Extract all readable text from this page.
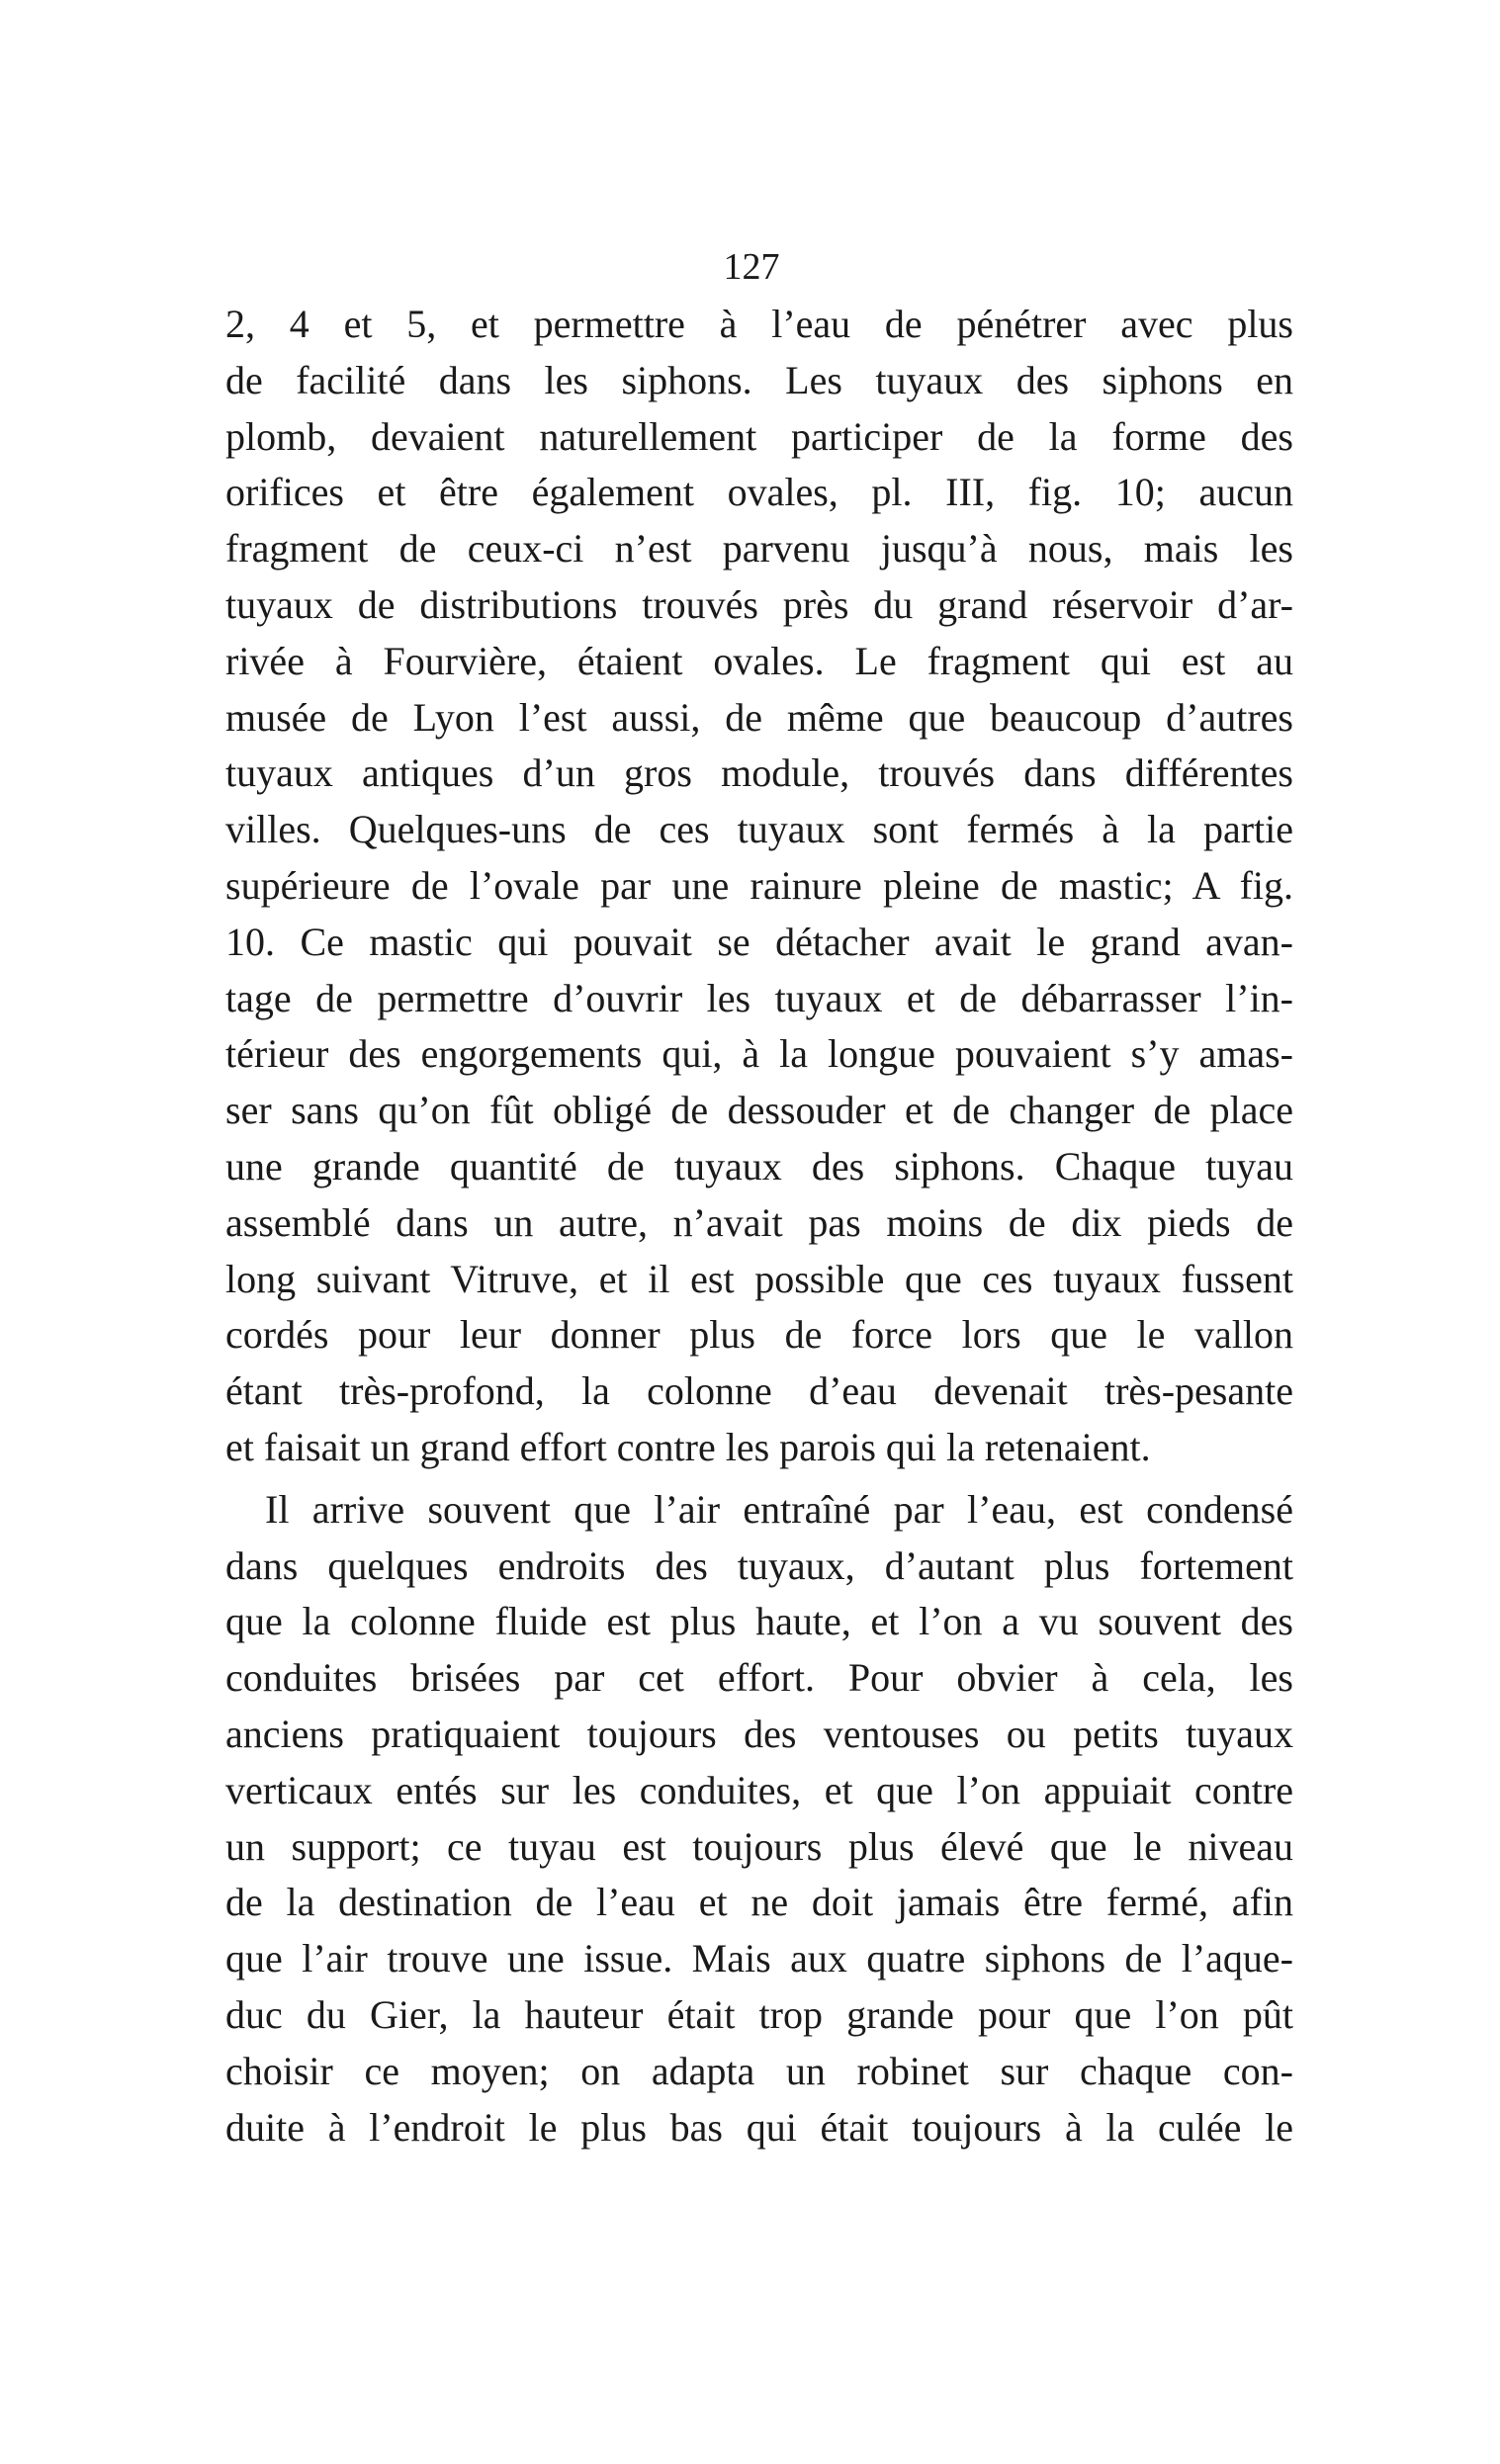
127
2, 4 et 5, et permettre à l’eau de pénétrer avec plus
de facilité dans les siphons. Les tuyaux des siphons en
plomb, devaient naturellement participer de la forme des
orifices et être également ovales, pl. III, fig. 10; aucun
fragment de ceux-ci n’est parvenu jusqu’à nous, mais les
tuyaux de distributions trouvés près du grand réservoir d’ar-
rivée à Fourvière, étaient ovales. Le fragment qui est au
musée de Lyon l’est aussi, de même que beaucoup d’autres
tuyaux antiques d’un gros module, trouvés dans différentes
villes. Quelques-uns de ces tuyaux sont fermés à la partie
supérieure de l’ovale par une rainure pleine de mastic; A fig.
10. Ce mastic qui pouvait se détacher avait le grand avan-
tage de permettre d’ouvrir les tuyaux et de débarrasser l’in-
térieur des engorgements qui, à la longue pouvaient s’y amas-
ser sans qu’on fût obligé de dessouder et de changer de place
une grande quantité de tuyaux des siphons. Chaque tuyau
assemblé dans un autre, n’avait pas moins de dix pieds de
long suivant Vitruve, et il est possible que ces tuyaux fussent
cordés pour leur donner plus de force lors que le vallon
étant très-profond, la colonne d’eau devenait très-pesante
et faisait un grand effort contre les parois qui la retenaient.
Il arrive souvent que l’air entraîné par l’eau, est condensé
dans quelques endroits des tuyaux, d’autant plus fortement
que la colonne fluide est plus haute, et l’on a vu souvent des
conduites brisées par cet effort. Pour obvier à cela, les
anciens pratiquaient toujours des ventouses ou petits tuyaux
verticaux entés sur les conduites, et que l’on appuiait contre
un support; ce tuyau est toujours plus élevé que le niveau
de la destination de l’eau et ne doit jamais être fermé, afin
que l’air trouve une issue. Mais aux quatre siphons de l’aque-
duc du Gier, la hauteur était trop grande pour que l’on pût
choisir ce moyen; on adapta un robinet sur chaque con-
duite à l’endroit le plus bas qui était toujours à la culée le
